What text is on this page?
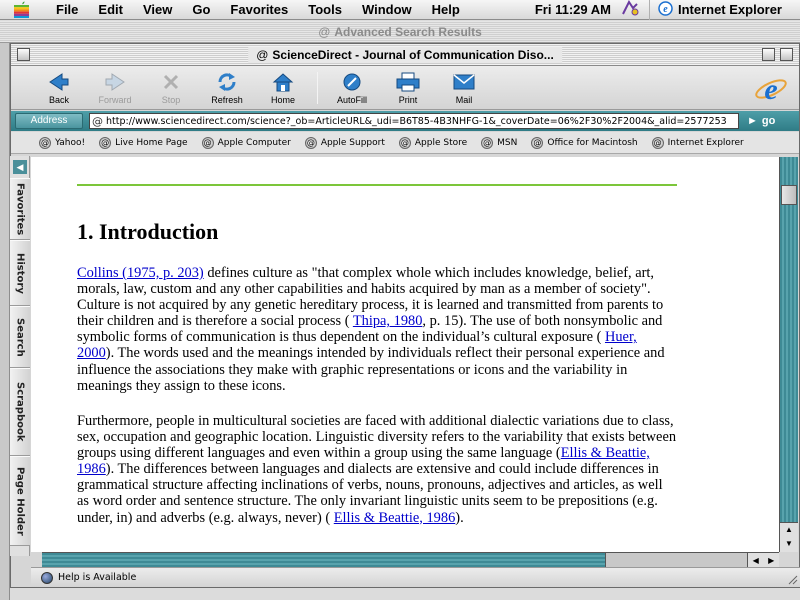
File	Edit	View	Go	Favorites	Tools	Window	Help	Fri 11:29 AM	e Internet Explorer
@ Advanced Search Results
@ ScienceDirect - Journal of Communication Diso...
Back	Forward	Stop	Refresh	Home	AutoFill	Print	Mail	e
Address	@
http://www.sciencedirect.com/science?_ob=ArticleURL&_udi=B6T85-4B3NHFG-1&_coverDate=06%2F30%2F2004&_alid=257725350&	► go
@ Yahoo! @ Live Home Page @ Apple Computer @ Apple Support @ Apple Store @ MSN @ Office for Macintosh @ Internet Explorer
◀
Favorites
History
Search
Scrapbook
Page Holder
1. Introduction
Collins (1975, p. 203) defines culture as "that complex whole which includes knowledge, belief, art, morals, law, custom and any other capabilities and habits acquired by man as a member of society". Culture is not acquired by any genetic hereditary process, it is learned and transmitted from parents to their children and is therefore a social process ( Thipa, 1980, p. 15). The use of both nonsymbolic and symbolic forms of communication is thus dependent on the individual’s cultural exposure ( Huer, 2000). The words used and the meanings intended by individuals reflect their personal experience and influence the associations they make with graphic representations or icons and the variability in meanings they assign to these icons.
Furthermore, people in multicultural societies are faced with additional dialectic variations due to class, sex, occupation and geographic location. Linguistic diversity refers to the variability that exists between groups using different languages and even within a group using the same language (Ellis & Beattie, 1986). The differences between languages and dialects are extensive and could include differences in grammatical structure affecting inclinations of verbs, nouns, pronouns, adjectives and articles, as well as word order and sentence structure. The only invariant linguistic units seem to be prepositions (e.g. under, in) and adverbs (e.g. always, never) ( Ellis & Beattie, 1986).
▲
▼
◀ ▶
Help is Available
